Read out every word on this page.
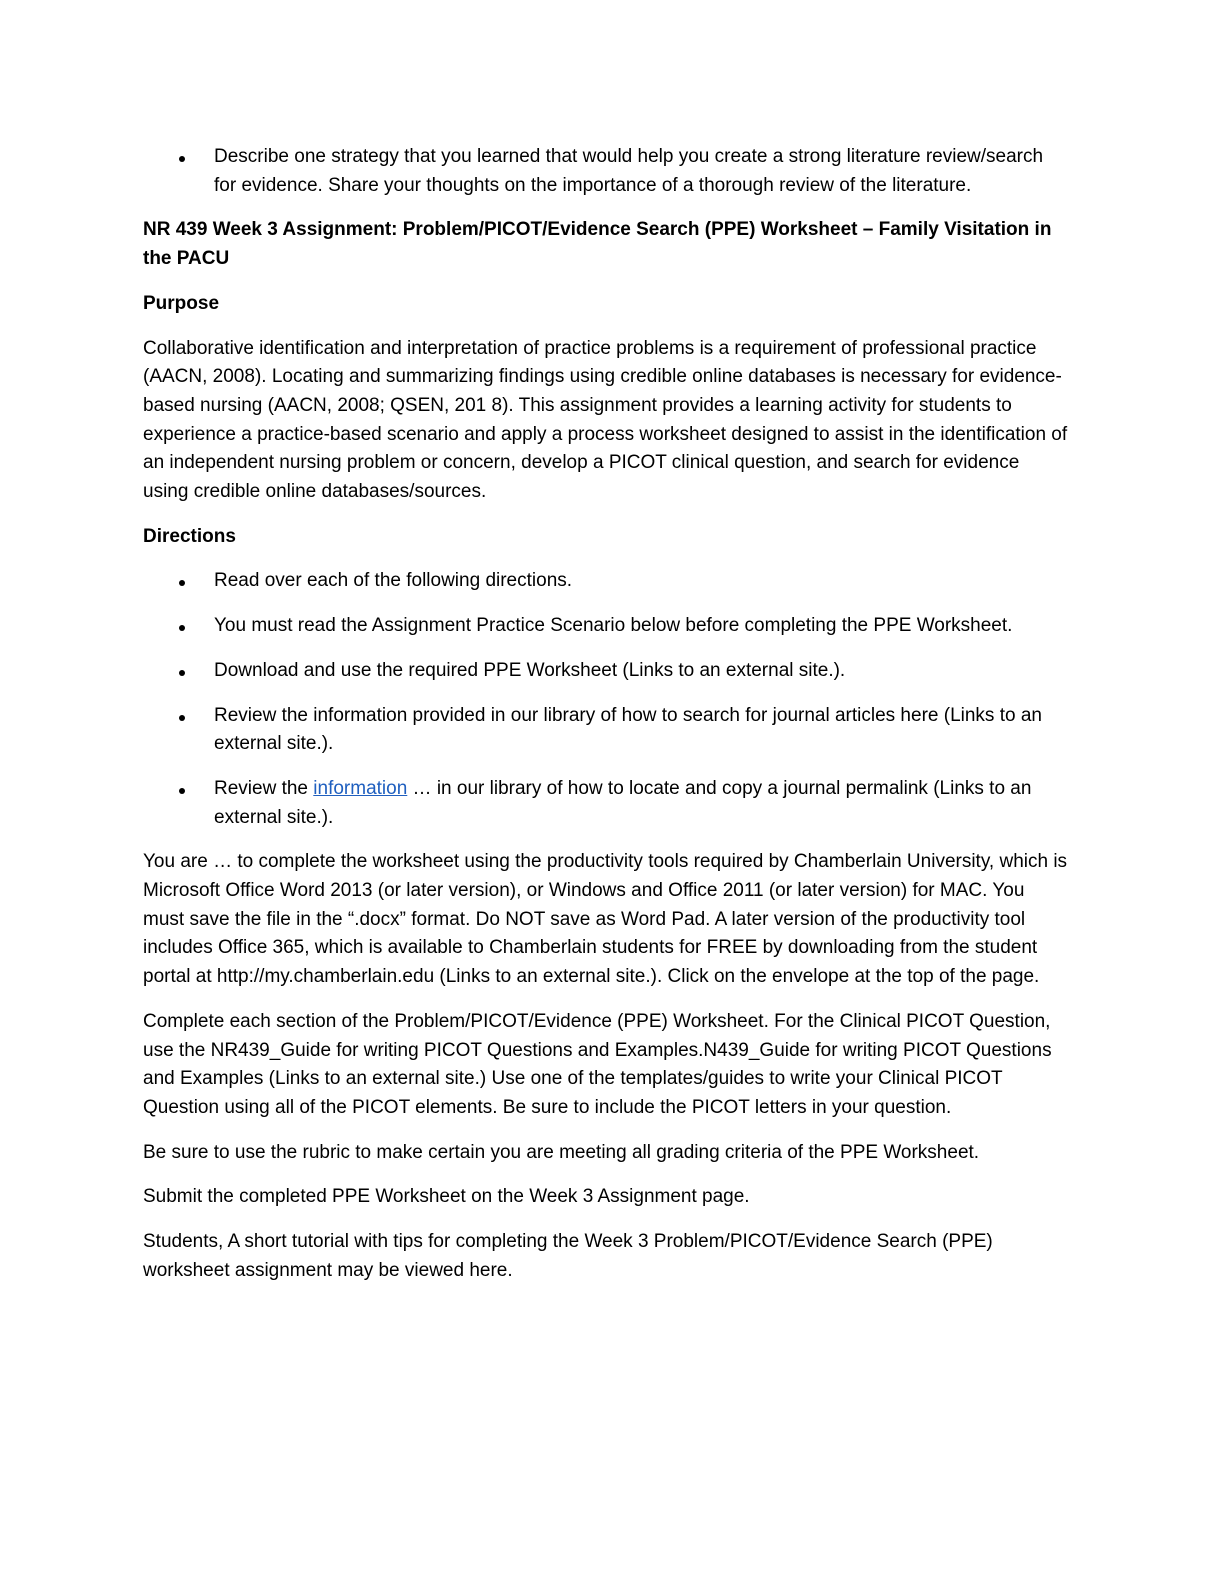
Describe one strategy that you learned that would help you create a strong literature review/search for evidence. Share your thoughts on the importance of a thorough review of the literature.

NR 439 Week 3 Assignment: Problem/PICOT/Evidence Search (PPE) Worksheet – Family Visitation in the PACU

Purpose

Collaborative identification and interpretation of practice problems is a requirement of professional practice (AACN, 2008). Locating and summarizing findings using credible online databases is necessary for evidence-based nursing (AACN, 2008; QSEN, 201 8). This assignment provides a learning activity for students to experience a practice-based scenario and apply a process worksheet designed to assist in the identification of an independent nursing problem or concern, develop a PICOT clinical question, and search for evidence using credible online databases/sources.

Directions

Read over each of the following directions.
You must read the Assignment Practice Scenario below before completing the PPE Worksheet.
Download and use the required PPE Worksheet (Links to an external site.).
Review the information provided in our library of how to search for journal articles here (Links to an external site.).
Review the information … in our library of how to locate and copy a journal permalink (Links to an external site.).

You are … to complete the worksheet using the productivity tools required by Chamberlain University, which is Microsoft Office Word 2013 (or later version), or Windows and Office 2011 (or later version) for MAC. You must save the file in the “.docx” format. Do NOT save as Word Pad. A later version of the productivity tool includes Office 365, which is available to Chamberlain students for FREE by downloading from the student portal at http://my.chamberlain.edu (Links to an external site.). Click on the envelope at the top of the page.

Complete each section of the Problem/PICOT/Evidence (PPE) Worksheet. For the Clinical PICOT Question, use the NR439_Guide for writing PICOT Questions and Examples.N439_Guide for writing PICOT Questions and Examples (Links to an external site.) Use one of the templates/guides to write your Clinical PICOT Question using all of the PICOT elements. Be sure to include the PICOT letters in your question.

Be sure to use the rubric to make certain you are meeting all grading criteria of the PPE Worksheet.

Submit the completed PPE Worksheet on the Week 3 Assignment page.

Students, A short tutorial with tips for completing the Week 3 Problem/PICOT/Evidence Search (PPE) worksheet assignment may be viewed here.
